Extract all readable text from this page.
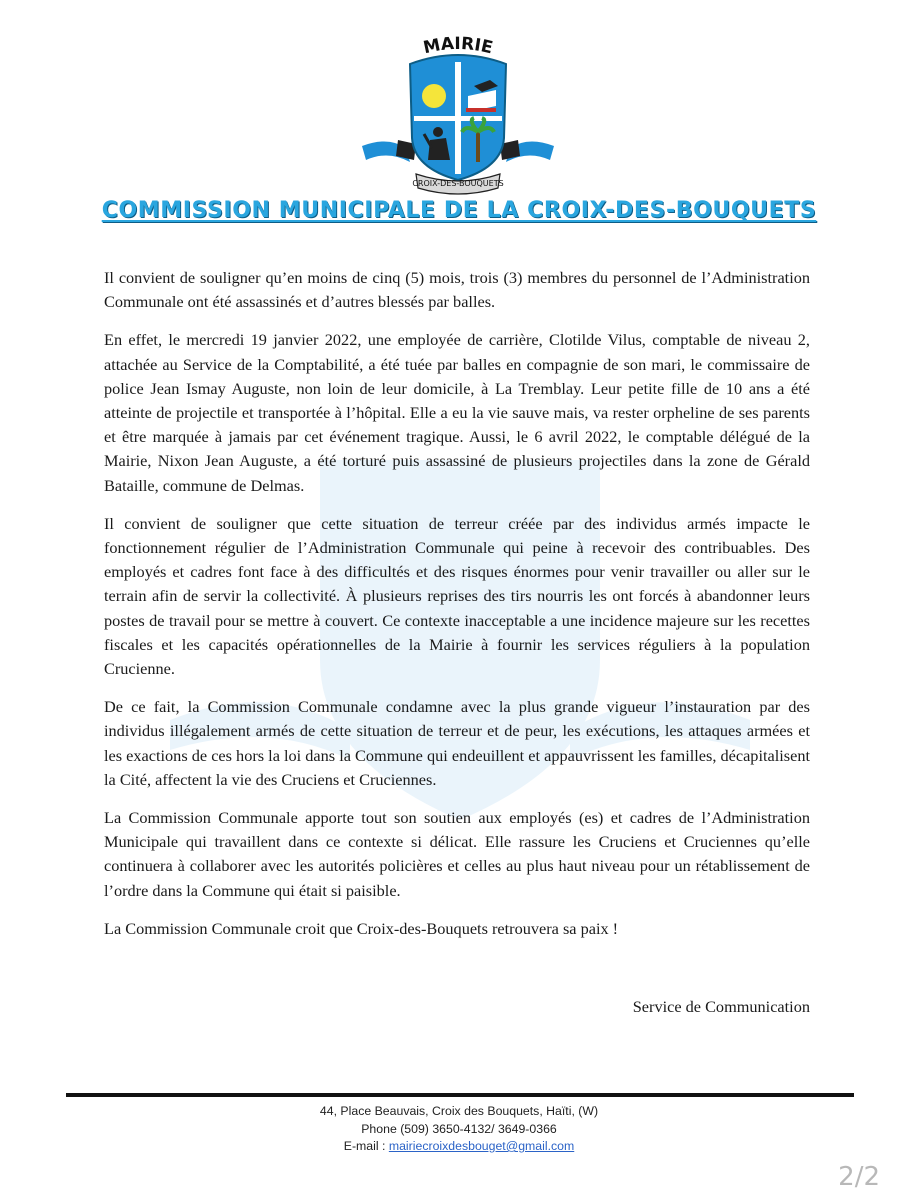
MAIRIE
CROIX-DES-BOUQUETS
COMMISSION MUNICIPALE DE LA CROIX-DES-BOUQUETS

Il convient de souligner qu’en moins de cinq (5) mois, trois (3) membres du personnel de l’Administration Communale ont été assassinés et d’autres blessés par balles.

En effet, le mercredi 19 janvier 2022, une employée de carrière, Clotilde Vilus, comptable de niveau 2, attachée au Service de la Comptabilité, a été tuée par balles en compagnie de son mari, le commissaire de police Jean Ismay Auguste, non loin de leur domicile, à La Tremblay. Leur petite fille de 10 ans a été atteinte de projectile et transportée à l’hôpital. Elle a eu la vie sauve mais, va rester orpheline de ses parents et être marquée à jamais par cet événement tragique. Aussi, le 6 avril 2022, le comptable délégué de la Mairie, Nixon Jean Auguste, a été torturé puis assassiné de plusieurs projectiles dans la zone de Gérald Bataille, commune de Delmas.

Il convient de souligner que cette situation de terreur créée par des individus armés impacte le fonctionnement régulier de l’Administration Communale qui peine à recevoir des contribuables. Des employés et cadres font face à des difficultés et des risques énormes pour venir travailler ou aller sur le terrain afin de servir la collectivité. À plusieurs reprises des tirs nourris les ont forcés à abandonner leurs postes de travail pour se mettre à couvert. Ce contexte inacceptable a une incidence majeure sur les recettes fiscales et les capacités opérationnelles de la Mairie à fournir les services réguliers à la population Crucienne.

De ce fait, la Commission Communale condamne avec la plus grande vigueur l’instauration par des individus illégalement armés de cette situation de terreur et de peur, les exécutions, les attaques armées et les exactions de ces hors la loi dans la Commune qui endeuillent et appauvrissent les familles, décapitalisent la Cité, affectent la vie des Cruciens et Cruciennes.

La Commission Communale apporte tout son soutien aux employés (es) et cadres de l’Administration Municipale qui travaillent dans ce contexte si délicat. Elle rassure les Cruciens et Cruciennes qu’elle continuera à collaborer avec les autorités policières et celles au plus haut niveau pour un rétablissement de l’ordre dans la Commune qui était si paisible.

La Commission Communale croit que Croix-des-Bouquets retrouvera sa paix !

Service de Communication
44, Place Beauvais, Croix des Bouquets, Haïti, (W)
Phone (509) 3650-4132/ 3649-0366
E-mail : mairiecroixdesbouget@gmail.com
2/2
